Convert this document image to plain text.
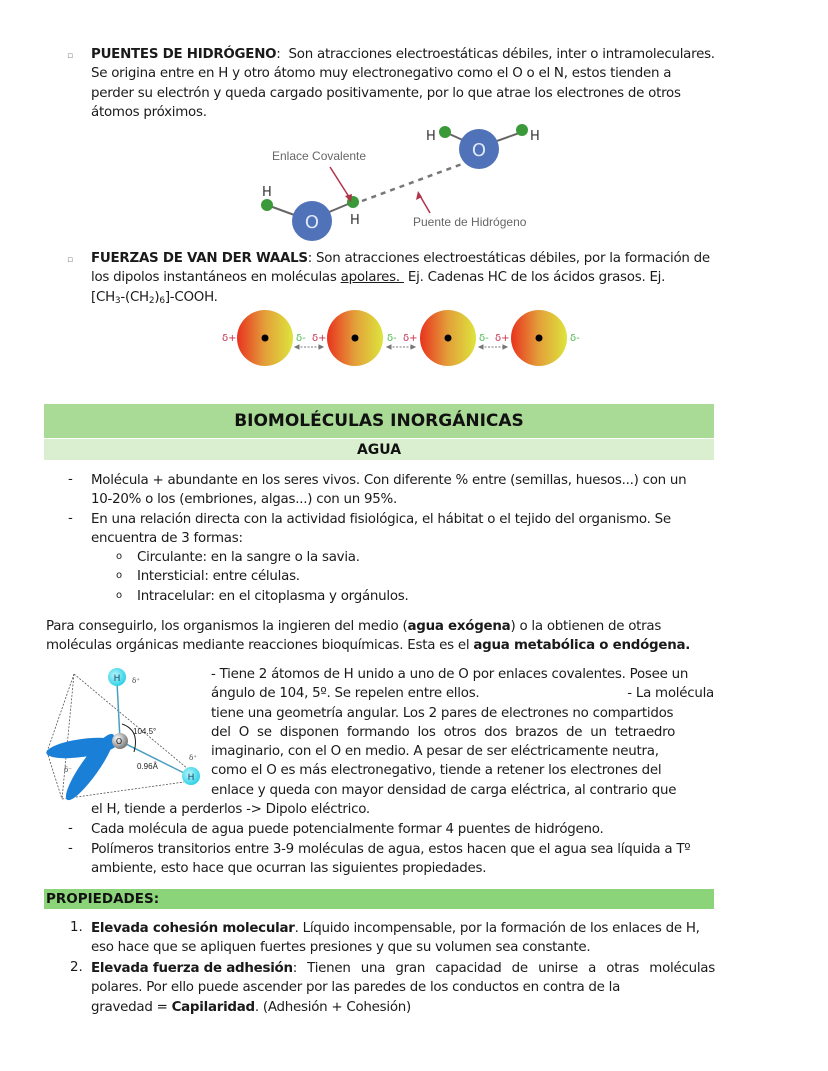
▫ PUENTES DE HIDRÓGENO:  Son atracciones electroestáticas débiles, inter o intramoleculares.
Se origina entre en H y otro átomo muy electronegativo como el O o el N, estos tienden a
perder su electrón y queda cargado positivamente, por lo que atrae los electrones de otros
átomos próximos.
O
H
H
O
H	H
Enlace Covalente
Puente de Hidrógeno
▫ FUERZAS DE VAN DER WAALS: Son atracciones electroestáticas débiles, por la formación de
los dipolos instantáneos en moléculas apolares.  Ej. Cadenas HC de los ácidos grasos. Ej.
$[CH_3-(CH_2)_6]$-COOH.
δ+	δ- δ+	δ- δ+	δ- δ+	δ-
BIOMOLÉCULAS INORGÁNICAS
AGUA
- Molécula + abundante en los seres vivos. Con diferente % entre (semillas, huesos...) con un
10-20% o los (embriones, algas...) con un 95%.
- En una relación directa con la actividad fisiológica, el hábitat o el tejido del organismo. Se
encuentra de 3 formas:
o Circulante: en la sangre o la savia.
o Intersticial: entre células.
o Intracelular: en el citoplasma y orgánulos.
Para conseguirlo, los organismos la ingieren del medio (agua exógena) o la obtienen de otras
moléculas orgánicas mediante reacciones bioquímicas. Esta es el agua metabólica o endógena.
H
O
H
104.5°
0.96Å
δ⁺
δ⁺
δ⁻
- Tiene 2 átomos de H unido a uno de O por enlaces covalentes. Posee un
ángulo de 104, 5º. Se repelen entre ellos.	- La molécula
tiene una geometría angular. Los 2 pares de electrones no compartidos
del O se disponen formando los otros dos brazos de un tetraedro
imaginario, con el O en medio. A pesar de ser eléctricamente neutra,
como el O es más electronegativo, tiende a retener los electrones del
enlace y queda con mayor densidad de carga eléctrica, al contrario que
el H, tiende a perderlos -> Dipolo eléctrico.
- Cada molécula de agua puede potencialmente formar 4 puentes de hidrógeno.
- Polímeros transitorios entre 3-9 moléculas de agua, estos hacen que el agua sea líquida a Tº
ambiente, esto hace que ocurran las siguientes propiedades.
PROPIEDADES:
1. Elevada cohesión molecular. Líquido incompensable, por la formación de los enlaces de H,
eso hace que se apliquen fuertes presiones y que su volumen sea constante.
2. Elevada fuerza de adhesión : Tienen una gran capacidad de unirse a otras moléculas
polares. Por ello puede ascender por las paredes de los conductos en contra de la
gravedad = Capilaridad. (Adhesión + Cohesión)
